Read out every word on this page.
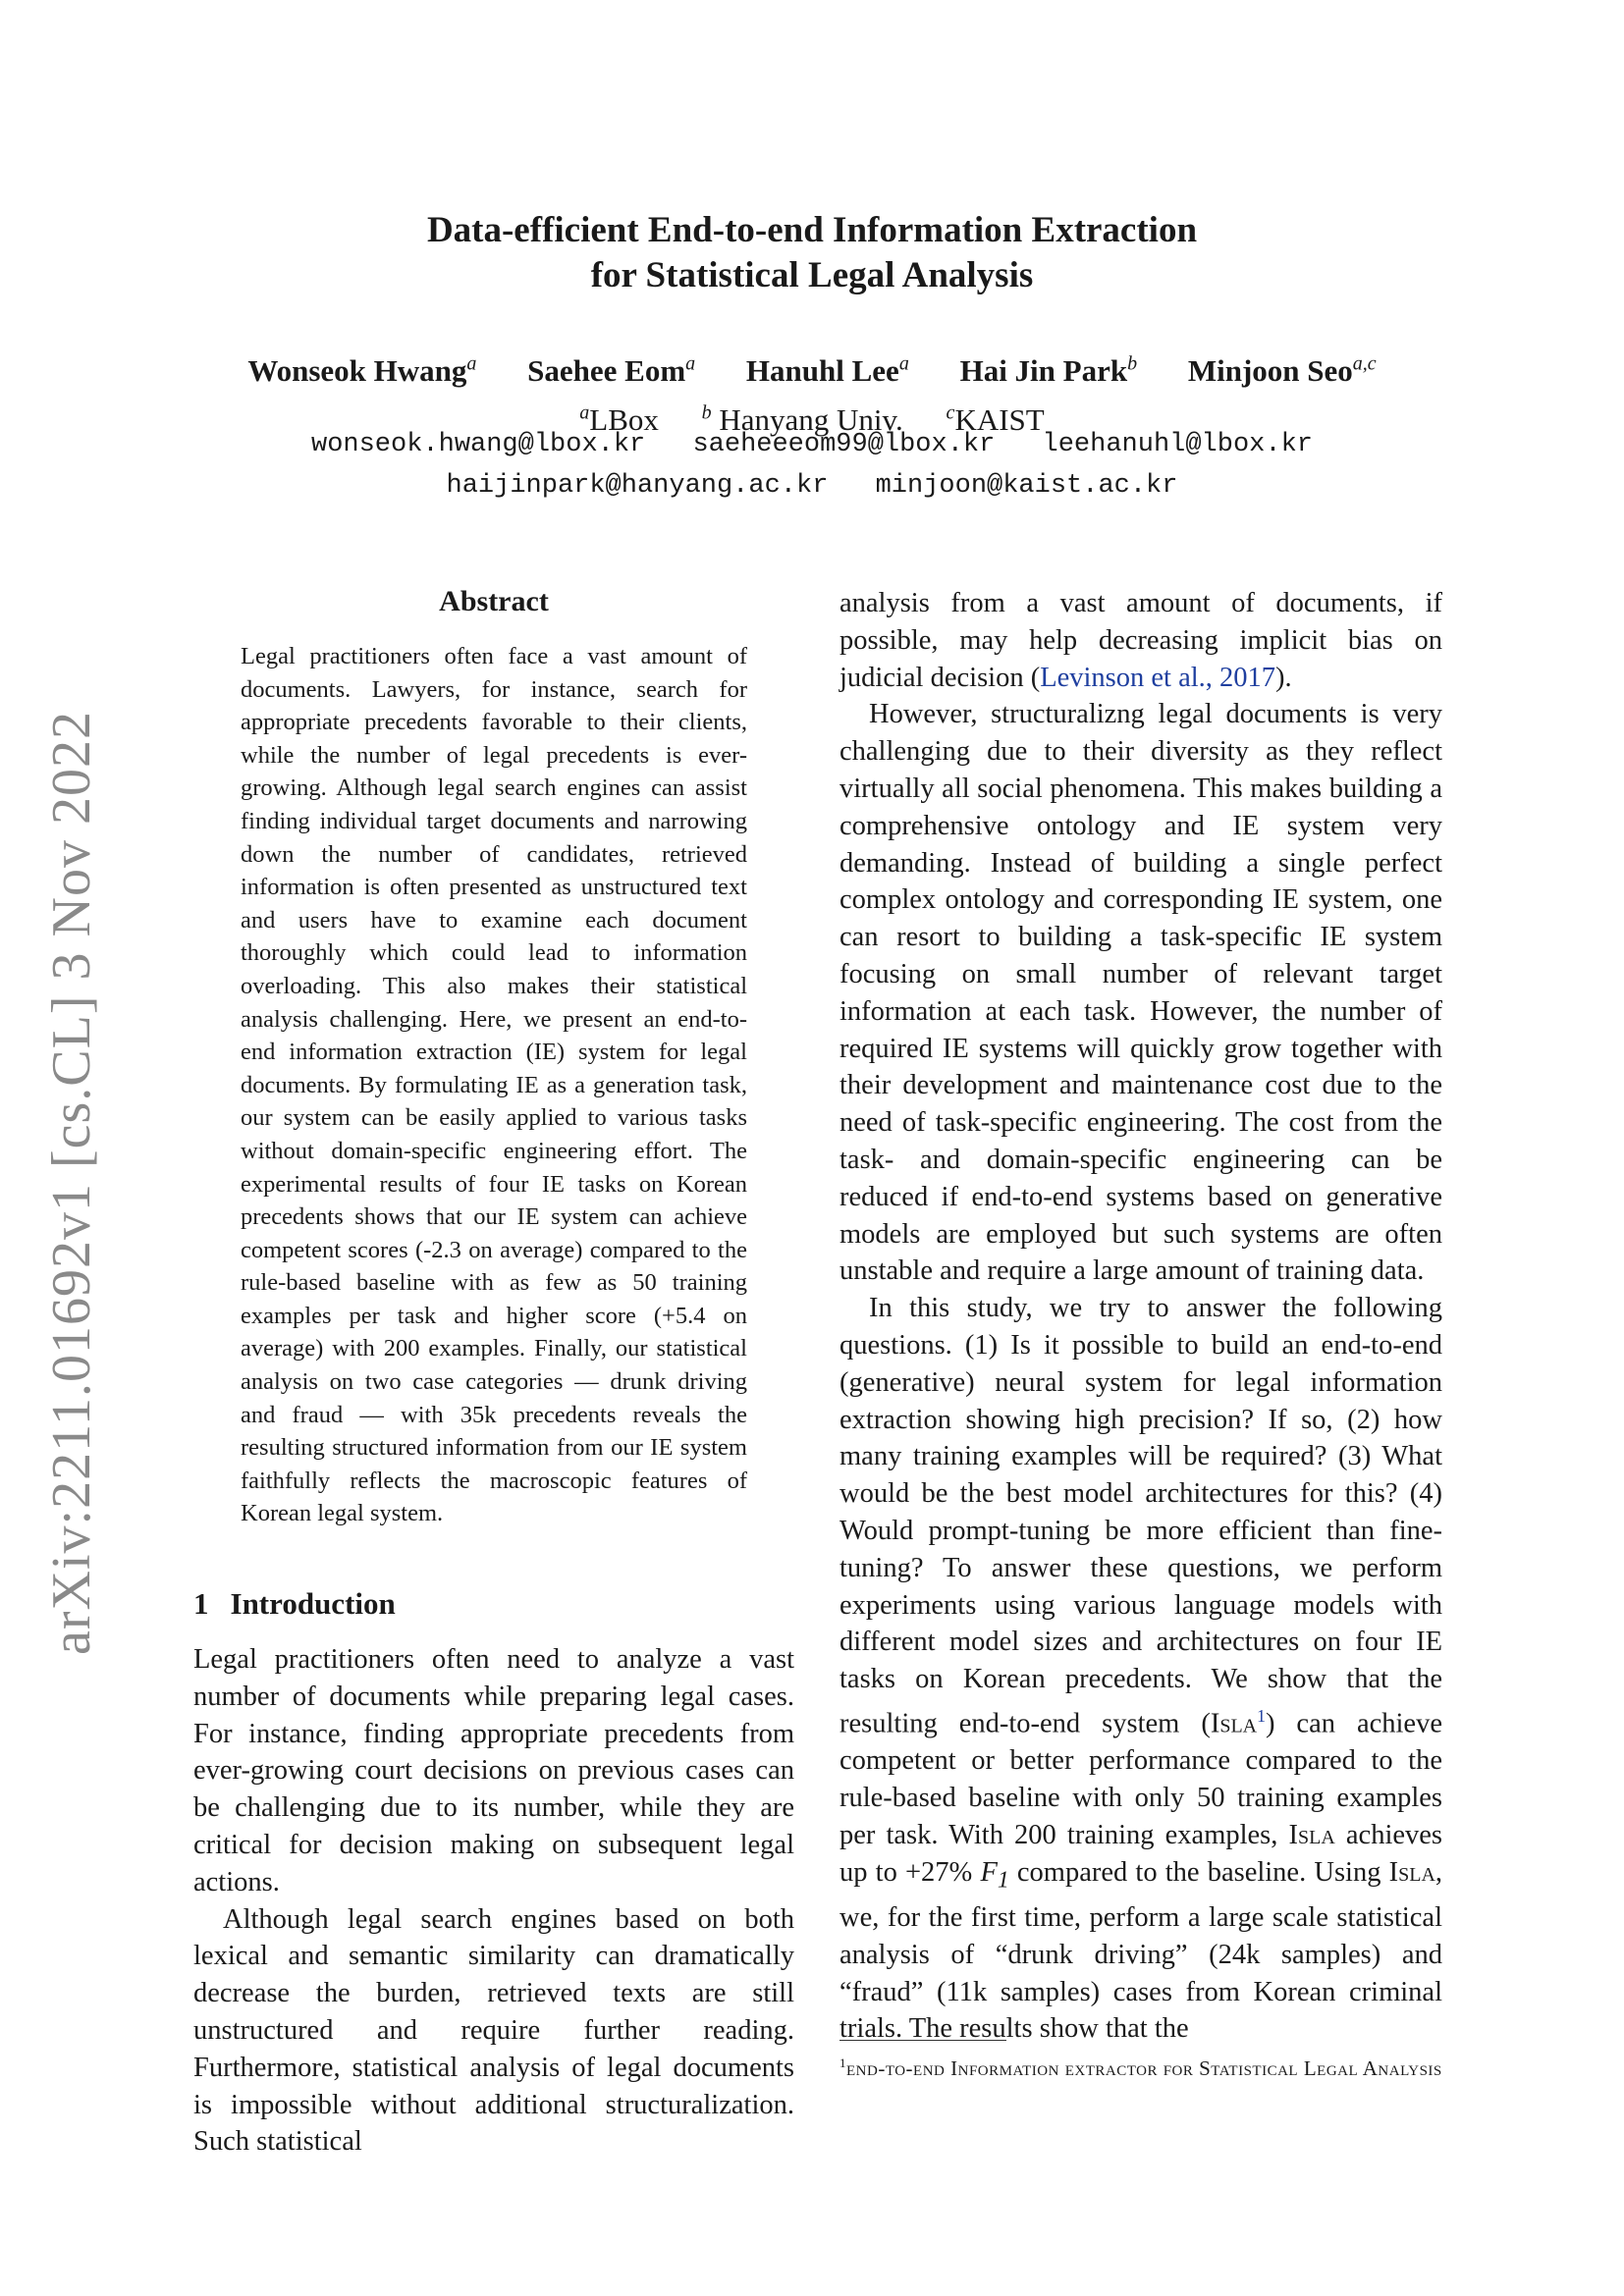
arXiv:2211.01692v1 [cs.CL] 3 Nov 2022
Data-efficient End-to-end Information Extraction
for Statistical Legal Analysis
Wonseok Hwang$^a$ Saehee Eom$^a$ Hanuhl Lee$^a$ Hai Jin Park$^b$ Minjoon Seo$^{a,c}$
$^a$LBox $^b$ Hanyang Univ. $^c$KAIST
wonseok.hwang@lbox.kr saeheeeom99@lbox.kr leehanuhl@lbox.kr
haijinpark@hanyang.ac.kr minjoon@kaist.ac.kr
Abstract
Legal practitioners often face a vast amount of documents. Lawyers, for instance, search for appropriate precedents favorable to their clients, while the number of legal precedents is ever-growing. Although legal search engines can assist finding individual target documents and narrowing down the number of candidates, retrieved information is often presented as unstructured text and users have to examine each document thoroughly which could lead to information overloading. This also makes their statistical analysis challenging. Here, we present an end-to-end information extraction (IE) system for legal documents. By formulating IE as a generation task, our system can be easily applied to various tasks without domain-specific engineering effort. The experimental results of four IE tasks on Korean precedents shows that our IE system can achieve competent scores (-2.3 on average) compared to the rule-based baseline with as few as 50 training examples per task and higher score (+5.4 on average) with 200 examples. Finally, our statistical analysis on two case categories — drunk driving and fraud — with 35k precedents reveals the resulting structured information from our IE system faithfully reflects the macroscopic features of Korean legal system.
1 Introduction

Legal practitioners often need to analyze a vast number of documents while preparing legal cases. For instance, finding appropriate precedents from ever-growing court decisions on previous cases can be challenging due to its number, while they are critical for decision making on subsequent legal actions.

Although legal search engines based on both lexical and semantic similarity can dramatically decrease the burden, retrieved texts are still unstructured and require further reading. Furthermore, statistical analysis of legal documents is impossible without additional structuralization. Such statistical

analysis from a vast amount of documents, if possible, may help decreasing implicit bias on judicial decision (Levinson et al., 2017).

However, structuralizng legal documents is very challenging due to their diversity as they reflect virtually all social phenomena. This makes building a comprehensive ontology and IE system very demanding. Instead of building a single perfect complex ontology and corresponding IE system, one can resort to building a task-specific IE system focusing on small number of relevant target information at each task. However, the number of required IE systems will quickly grow together with their development and maintenance cost due to the need of task-specific engineering. The cost from the task- and domain-specific engineering can be reduced if end-to-end systems based on generative models are employed but such systems are often unstable and require a large amount of training data.

In this study, we try to answer the following questions. (1) Is it possible to build an end-to-end (generative) neural system for legal information extraction showing high precision? If so, (2) how many training examples will be required? (3) What would be the best model architectures for this? (4) Would prompt-tuning be more efficient than fine-tuning? To answer these questions, we perform experiments using various language models with different model sizes and architectures on four IE tasks on Korean precedents. We show that the resulting end-to-end system (Isla$^1$) can achieve competent or better performance compared to the rule-based baseline with only 50 training examples per task. With 200 training examples, Isla achieves up to +27% $F_1$ compared to the baseline. Using Isla, we, for the first time, perform a large scale statistical analysis of “drunk driving” (24k samples) and “fraud” (11k samples) cases from Korean criminal trials. The results show that the

$^1$end-to-end Information extractor for Statistical Legal Analysis
